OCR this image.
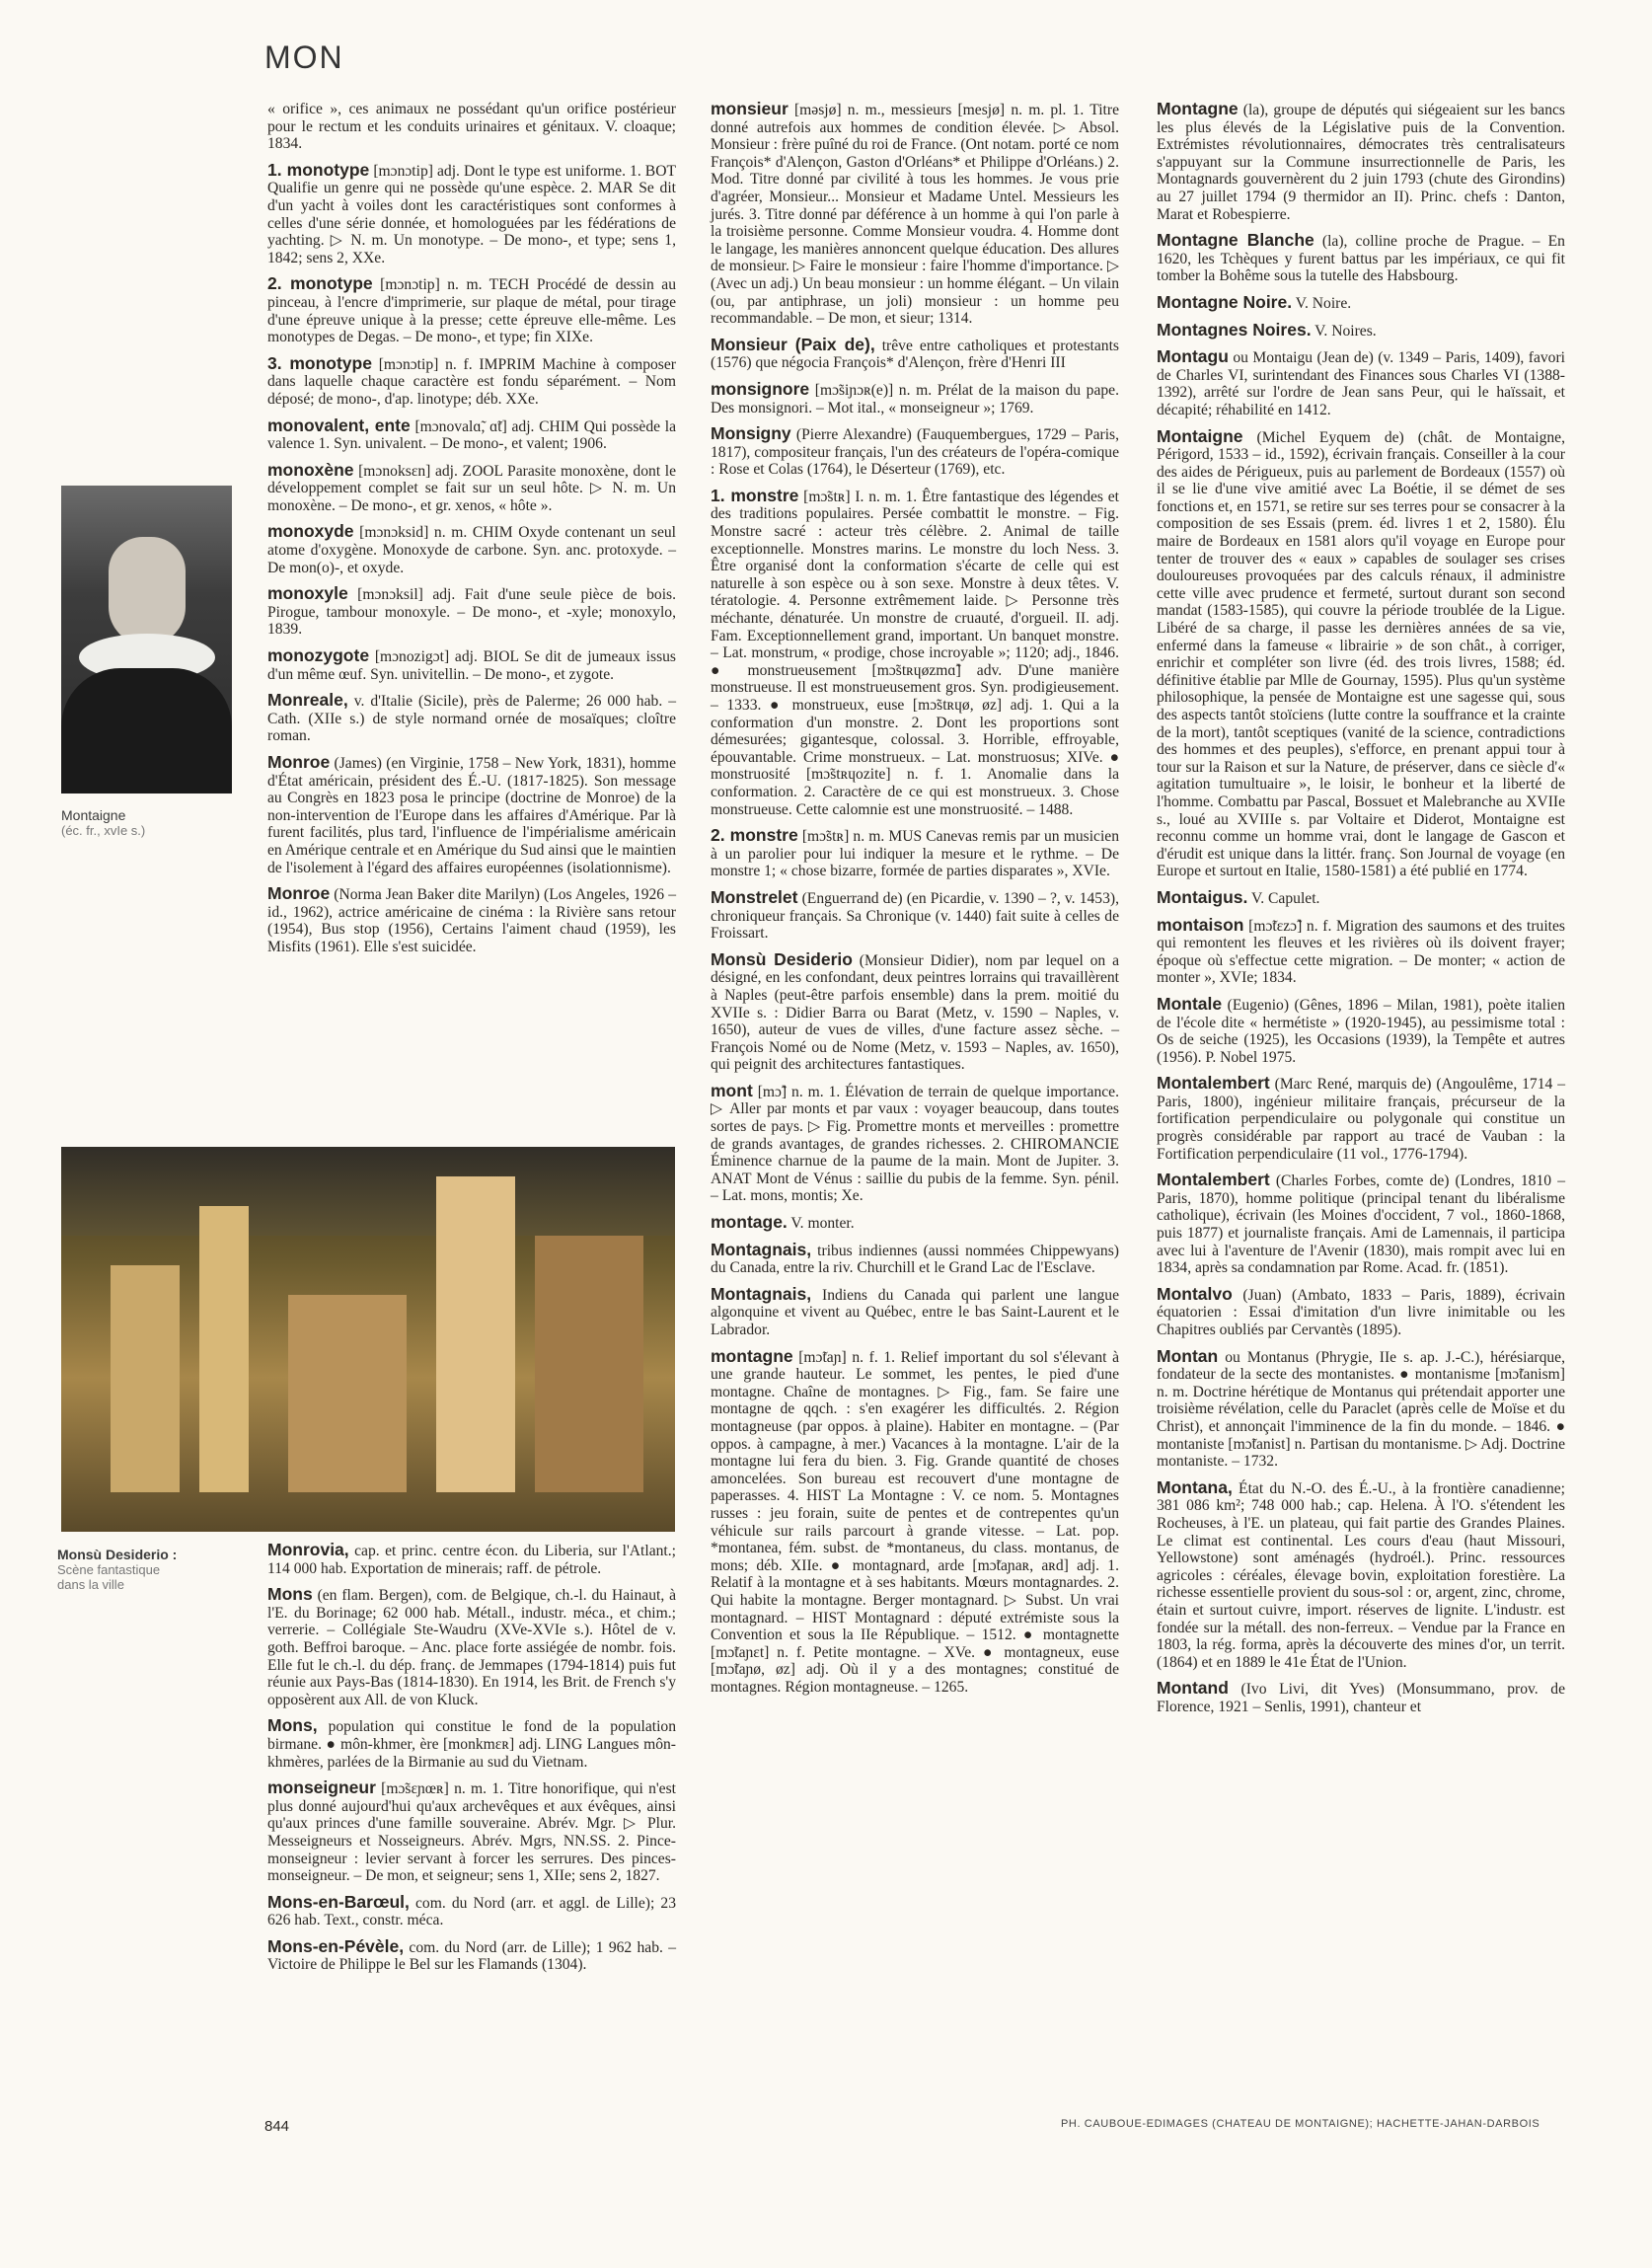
MON
Montaigne
(éc. fr., xvIe s.)
Monsù Desiderio :
Scène fantastique
dans la ville

« orifice », ces animaux ne possédant qu'un orifice postérieur pour le rectum et les conduits urinaires et génitaux. V. cloaque; 1834.

1. monotype [mɔnɔtip] adj. Dont le type est uniforme. 1. BOT Qualifie un genre qui ne possède qu'une espèce. 2. MAR Se dit d'un yacht à voiles dont les caractéristiques sont conformes à celles d'une série donnée, et homologuées par les fédérations de yachting. ▷ N. m. Un monotype. – De mono-, et type; sens 1, 1842; sens 2, XXe.

2. monotype [mɔnɔtip] n. m. TECH Procédé de dessin au pinceau, à l'encre d'imprimerie, sur plaque de métal, pour tirage d'une épreuve unique à la presse; cette épreuve elle-même. Les monotypes de Degas. – De mono-, et type; fin XIXe.

3. monotype [mɔnɔtip] n. f. IMPRIM Machine à composer dans laquelle chaque caractère est fondu séparément. – Nom déposé; de mono-, d'ap. linotype; déb. XXe.

monovalent, ente [mɔnovalɑ̃, ɑ̃t] adj. CHIM Qui possède la valence 1. Syn. univalent. – De mono-, et valent; 1906.

monoxène [mɔnoksɛn] adj. ZOOL Parasite monoxène, dont le développement complet se fait sur un seul hôte. ▷ N. m. Un monoxène. – De mono-, et gr. xenos, « hôte ».

monoxyde [mɔnɔksid] n. m. CHIM Oxyde contenant un seul atome d'oxygène. Monoxyde de carbone. Syn. anc. protoxyde. – De mon(o)-, et oxyde.

monoxyle [mɔnɔksil] adj. Fait d'une seule pièce de bois. Pirogue, tambour monoxyle. – De mono-, et -xyle; monoxylo, 1839.

monozygote [mɔnozigɔt] adj. BIOL Se dit de jumeaux issus d'un même œuf. Syn. univitellin. – De mono-, et zygote.

Monreale, v. d'Italie (Sicile), près de Palerme; 26 000 hab. – Cath. (XIIe s.) de style normand ornée de mosaïques; cloître roman.

Monroe (James) (en Virginie, 1758 – New York, 1831), homme d'État américain, président des É.-U. (1817-1825). Son message au Congrès en 1823 posa le principe (doctrine de Monroe) de la non-intervention de l'Europe dans les affaires d'Amérique. Par là furent facilités, plus tard, l'influence de l'impérialisme américain en Amérique centrale et en Amérique du Sud ainsi que le maintien de l'isolement à l'égard des affaires européennes (isolationnisme).

Monroe (Norma Jean Baker dite Marilyn) (Los Angeles, 1926 – id., 1962), actrice américaine de cinéma : la Rivière sans retour (1954), Bus stop (1956), Certains l'aiment chaud (1959), les Misfits (1961). Elle s'est suicidée.

Monrovia, cap. et princ. centre écon. du Liberia, sur l'Atlant.; 114 000 hab. Exportation de minerais; raff. de pétrole.

Mons (en flam. Bergen), com. de Belgique, ch.-l. du Hainaut, à l'E. du Borinage; 62 000 hab. Métall., industr. méca., et chim.; verrerie. – Collégiale Ste-Waudru (XVe-XVIe s.). Hôtel de v. goth. Beffroi baroque. – Anc. place forte assiégée de nombr. fois. Elle fut le ch.-l. du dép. franç. de Jemmapes (1794-1814) puis fut réunie aux Pays-Bas (1814-1830). En 1914, les Brit. de French s'y opposèrent aux All. de von Kluck.

Mons, population qui constitue le fond de la population birmane. ● môn-khmer, ère [monkmɛʀ] adj. LING Langues môn-khmères, parlées de la Birmanie au sud du Vietnam.

monseigneur [mɔ̃sɛɲœʀ] n. m. 1. Titre honorifique, qui n'est plus donné aujourd'hui qu'aux archevêques et aux évêques, ainsi qu'aux princes d'une famille souveraine. Abrév. Mgr. ▷ Plur. Messeigneurs et Nosseigneurs. Abrév. Mgrs, NN.SS. 2. Pince-monseigneur : levier servant à forcer les serrures. Des pinces-monseigneur. – De mon, et seigneur; sens 1, XIIe; sens 2, 1827.

Mons-en-Barœul, com. du Nord (arr. et aggl. de Lille); 23 626 hab. Text., constr. méca.

Mons-en-Pévèle, com. du Nord (arr. de Lille); 1 962 hab. – Victoire de Philippe le Bel sur les Flamands (1304).

monsieur [məsjø] n. m., messieurs [mesjø] n. m. pl. 1. Titre donné autrefois aux hommes de condition élevée. ▷ Absol. Monsieur : frère puîné du roi de France. (Ont notam. porté ce nom François* d'Alençon, Gaston d'Orléans* et Philippe d'Orléans.) 2. Mod. Titre donné par civilité à tous les hommes. Je vous prie d'agréer, Monsieur... Monsieur et Madame Untel. Messieurs les jurés. 3. Titre donné par déférence à un homme à qui l'on parle à la troisième personne. Comme Monsieur voudra. 4. Homme dont le langage, les manières annoncent quelque éducation. Des allures de monsieur. ▷ Faire le monsieur : faire l'homme d'importance. ▷ (Avec un adj.) Un beau monsieur : un homme élégant. – Un vilain (ou, par antiphrase, un joli) monsieur : un homme peu recommandable. – De mon, et sieur; 1314.

Monsieur (Paix de), trêve entre catholiques et protestants (1576) que négocia François* d'Alençon, frère d'Henri III

monsignore [mɔ̃siɲɔʀ(e)] n. m. Prélat de la maison du pape. Des monsignori. – Mot ital., « monseigneur »; 1769.

Monsigny (Pierre Alexandre) (Fauquembergues, 1729 – Paris, 1817), compositeur français, l'un des créateurs de l'opéra-comique : Rose et Colas (1764), le Déserteur (1769), etc.

1. monstre [mɔ̃stʀ] I. n. m. 1. Être fantastique des légendes et des traditions populaires. Persée combattit le monstre. – Fig. Monstre sacré : acteur très célèbre. 2. Animal de taille exceptionnelle. Monstres marins. Le monstre du loch Ness. 3. Être organisé dont la conformation s'écarte de celle qui est naturelle à son espèce ou à son sexe. Monstre à deux têtes. V. tératologie. 4. Personne extrêmement laide. ▷ Personne très méchante, dénaturée. Un monstre de cruauté, d'orgueil. II. adj. Fam. Exceptionnellement grand, important. Un banquet monstre. – Lat. monstrum, « prodige, chose incroyable »; 1120; adj., 1846. ● monstrueusement [mɔ̃stʀɥøzmɑ̃] adv. D'une manière monstrueuse. Il est monstrueusement gros. Syn. prodigieusement. – 1333. ● monstrueux, euse [mɔ̃stʀɥø, øz] adj. 1. Qui a la conformation d'un monstre. 2. Dont les proportions sont démesurées; gigantesque, colossal. 3. Horrible, effroyable, épouvantable. Crime monstrueux. – Lat. monstruosus; XIVe. ● monstruosité [mɔ̃stʀɥozite] n. f. 1. Anomalie dans la conformation. 2. Caractère de ce qui est monstrueux. 3. Chose monstrueuse. Cette calomnie est une monstruosité. – 1488.

2. monstre [mɔ̃stʀ] n. m. MUS Canevas remis par un musicien à un parolier pour lui indiquer la mesure et le rythme. – De monstre 1; « chose bizarre, formée de parties disparates », XVIe.

Monstrelet (Enguerrand de) (en Picardie, v. 1390 – ?, v. 1453), chroniqueur français. Sa Chronique (v. 1440) fait suite à celles de Froissart.

Monsù Desiderio (Monsieur Didier), nom par lequel on a désigné, en les confondant, deux peintres lorrains qui travaillèrent à Naples (peut-être parfois ensemble) dans la prem. moitié du XVIIe s. : Didier Barra ou Barat (Metz, v. 1590 – Naples, v. 1650), auteur de vues de villes, d'une facture assez sèche. – François Nomé ou de Nome (Metz, v. 1593 – Naples, av. 1650), qui peignit des architectures fantastiques.

mont [mɔ̃] n. m. 1. Élévation de terrain de quelque importance. ▷ Aller par monts et par vaux : voyager beaucoup, dans toutes sortes de pays. ▷ Fig. Promettre monts et merveilles : promettre de grands avantages, de grandes richesses. 2. CHIROMANCIE Éminence charnue de la paume de la main. Mont de Jupiter. 3. ANAT Mont de Vénus : saillie du pubis de la femme. Syn. pénil. – Lat. mons, montis; Xe.

montage. V. monter.

Montagnais, tribus indiennes (aussi nommées Chippewyans) du Canada, entre la riv. Churchill et le Grand Lac de l'Esclave.

Montagnais, Indiens du Canada qui parlent une langue algonquine et vivent au Québec, entre le bas Saint-Laurent et le Labrador.

montagne [mɔ̃taɲ] n. f. 1. Relief important du sol s'élevant à une grande hauteur. Le sommet, les pentes, le pied d'une montagne. Chaîne de montagnes. ▷ Fig., fam. Se faire une montagne de qqch. : s'en exagérer les difficultés. 2. Région montagneuse (par oppos. à plaine). Habiter en montagne. – (Par oppos. à campagne, à mer.) Vacances à la montagne. L'air de la montagne lui fera du bien. 3. Fig. Grande quantité de choses amoncelées. Son bureau est recouvert d'une montagne de paperasses. 4. HIST La Montagne : V. ce nom. 5. Montagnes russes : jeu forain, suite de pentes et de contrepentes qu'un véhicule sur rails parcourt à grande vitesse. – Lat. pop. *montanea, fém. subst. de *montaneus, du class. montanus, de mons; déb. XIIe. ● montagnard, arde [mɔ̃taɲaʀ, aʀd] adj. 1. Relatif à la montagne et à ses habitants. Mœurs montagnardes. 2. Qui habite la montagne. Berger montagnard. ▷ Subst. Un vrai montagnard. – HIST Montagnard : député extrémiste sous la Convention et sous la IIe République. – 1512. ● montagnette [mɔ̃taɲɛt] n. f. Petite montagne. – XVe. ● montagneux, euse [mɔ̃taɲø, øz] adj. Où il y a des montagnes; constitué de montagnes. Région montagneuse. – 1265.

Montagne (la), groupe de députés qui siégeaient sur les bancs les plus élevés de la Législative puis de la Convention. Extrémistes révolutionnaires, démocrates très centralisateurs s'appuyant sur la Commune insurrectionnelle de Paris, les Montagnards gouvernèrent du 2 juin 1793 (chute des Girondins) au 27 juillet 1794 (9 thermidor an II). Princ. chefs : Danton, Marat et Robespierre.

Montagne Blanche (la), colline proche de Prague. – En 1620, les Tchèques y furent battus par les impériaux, ce qui fit tomber la Bohême sous la tutelle des Habsbourg.

Montagne Noire. V. Noire.

Montagnes Noires. V. Noires.

Montagu ou Montaigu (Jean de) (v. 1349 – Paris, 1409), favori de Charles VI, surintendant des Finances sous Charles VI (1388-1392), arrêté sur l'ordre de Jean sans Peur, qui le haïssait, et décapité; réhabilité en 1412.

Montaigne (Michel Eyquem de) (chât. de Montaigne, Périgord, 1533 – id., 1592), écrivain français. Conseiller à la cour des aides de Périgueux, puis au parlement de Bordeaux (1557) où il se lie d'une vive amitié avec La Boétie, il se démet de ses fonctions et, en 1571, se retire sur ses terres pour se consacrer à la composition de ses Essais (prem. éd. livres 1 et 2, 1580). Élu maire de Bordeaux en 1581 alors qu'il voyage en Europe pour tenter de trouver des « eaux » capables de soulager ses crises douloureuses provoquées par des calculs rénaux, il administre cette ville avec prudence et fermeté, surtout durant son second mandat (1583-1585), qui couvre la période troublée de la Ligue. Libéré de sa charge, il passe les dernières années de sa vie, enfermé dans la fameuse « librairie » de son chât., à corriger, enrichir et compléter son livre (éd. des trois livres, 1588; éd. définitive établie par Mlle de Gournay, 1595). Plus qu'un système philosophique, la pensée de Montaigne est une sagesse qui, sous des aspects tantôt stoïciens (lutte contre la souffrance et la crainte de la mort), tantôt sceptiques (vanité de la science, contradictions des hommes et des peuples), s'efforce, en prenant appui tour à tour sur la Raison et sur la Nature, de préserver, dans ce siècle d'« agitation tumultuaire », le loisir, le bonheur et la liberté de l'homme. Combattu par Pascal, Bossuet et Malebranche au XVIIe s., loué au XVIIIe s. par Voltaire et Diderot, Montaigne est reconnu comme un homme vrai, dont le langage de Gascon et d'érudit est unique dans la littér. franç. Son Journal de voyage (en Europe et surtout en Italie, 1580-1581) a été publié en 1774.

Montaigus. V. Capulet.

montaison [mɔ̃tɛzɔ̃] n. f. Migration des saumons et des truites qui remontent les fleuves et les rivières où ils doivent frayer; époque où s'effectue cette migration. – De monter; « action de monter », XVIe; 1834.

Montale (Eugenio) (Gênes, 1896 – Milan, 1981), poète italien de l'école dite « hermétiste » (1920-1945), au pessimisme total : Os de seiche (1925), les Occasions (1939), la Tempête et autres (1956). P. Nobel 1975.

Montalembert (Marc René, marquis de) (Angoulême, 1714 – Paris, 1800), ingénieur militaire français, précurseur de la fortification perpendiculaire ou polygonale qui constitue un progrès considérable par rapport au tracé de Vauban : la Fortification perpendiculaire (11 vol., 1776-1794).

Montalembert (Charles Forbes, comte de) (Londres, 1810 – Paris, 1870), homme politique (principal tenant du libéralisme catholique), écrivain (les Moines d'occident, 7 vol., 1860-1868, puis 1877) et journaliste français. Ami de Lamennais, il participa avec lui à l'aventure de l'Avenir (1830), mais rompit avec lui en 1834, après sa condamnation par Rome. Acad. fr. (1851).

Montalvo (Juan) (Ambato, 1833 – Paris, 1889), écrivain équatorien : Essai d'imitation d'un livre inimitable ou les Chapitres oubliés par Cervantès (1895).

Montan ou Montanus (Phrygie, IIe s. ap. J.-C.), hérésiarque, fondateur de la secte des montanistes. ● montanisme [mɔ̃tanism] n. m. Doctrine hérétique de Montanus qui prétendait apporter une troisième révélation, celle du Paraclet (après celle de Moïse et du Christ), et annonçait l'imminence de la fin du monde. – 1846. ● montaniste [mɔ̃tanist] n. Partisan du montanisme. ▷ Adj. Doctrine montaniste. – 1732.

Montana, État du N.-O. des É.-U., à la frontière canadienne; 381 086 km²; 748 000 hab.; cap. Helena. À l'O. s'étendent les Rocheuses, à l'E. un plateau, qui fait partie des Grandes Plaines. Le climat est continental. Les cours d'eau (haut Missouri, Yellowstone) sont aménagés (hydroél.). Princ. ressources agricoles : céréales, élevage bovin, exploitation forestière. La richesse essentielle provient du sous-sol : or, argent, zinc, chrome, étain et surtout cuivre, import. réserves de lignite. L'industr. est fondée sur la métall. des non-ferreux. – Vendue par la France en 1803, la rég. forma, après la découverte des mines d'or, un territ. (1864) et en 1889 le 41e État de l'Union.

Montand (Ivo Livi, dit Yves) (Monsummano, prov. de Florence, 1921 – Senlis, 1991), chanteur et

844	PH. CAUBOUE-EDIMAGES (CHATEAU DE MONTAIGNE); HACHETTE-JAHAN-DARBOIS
